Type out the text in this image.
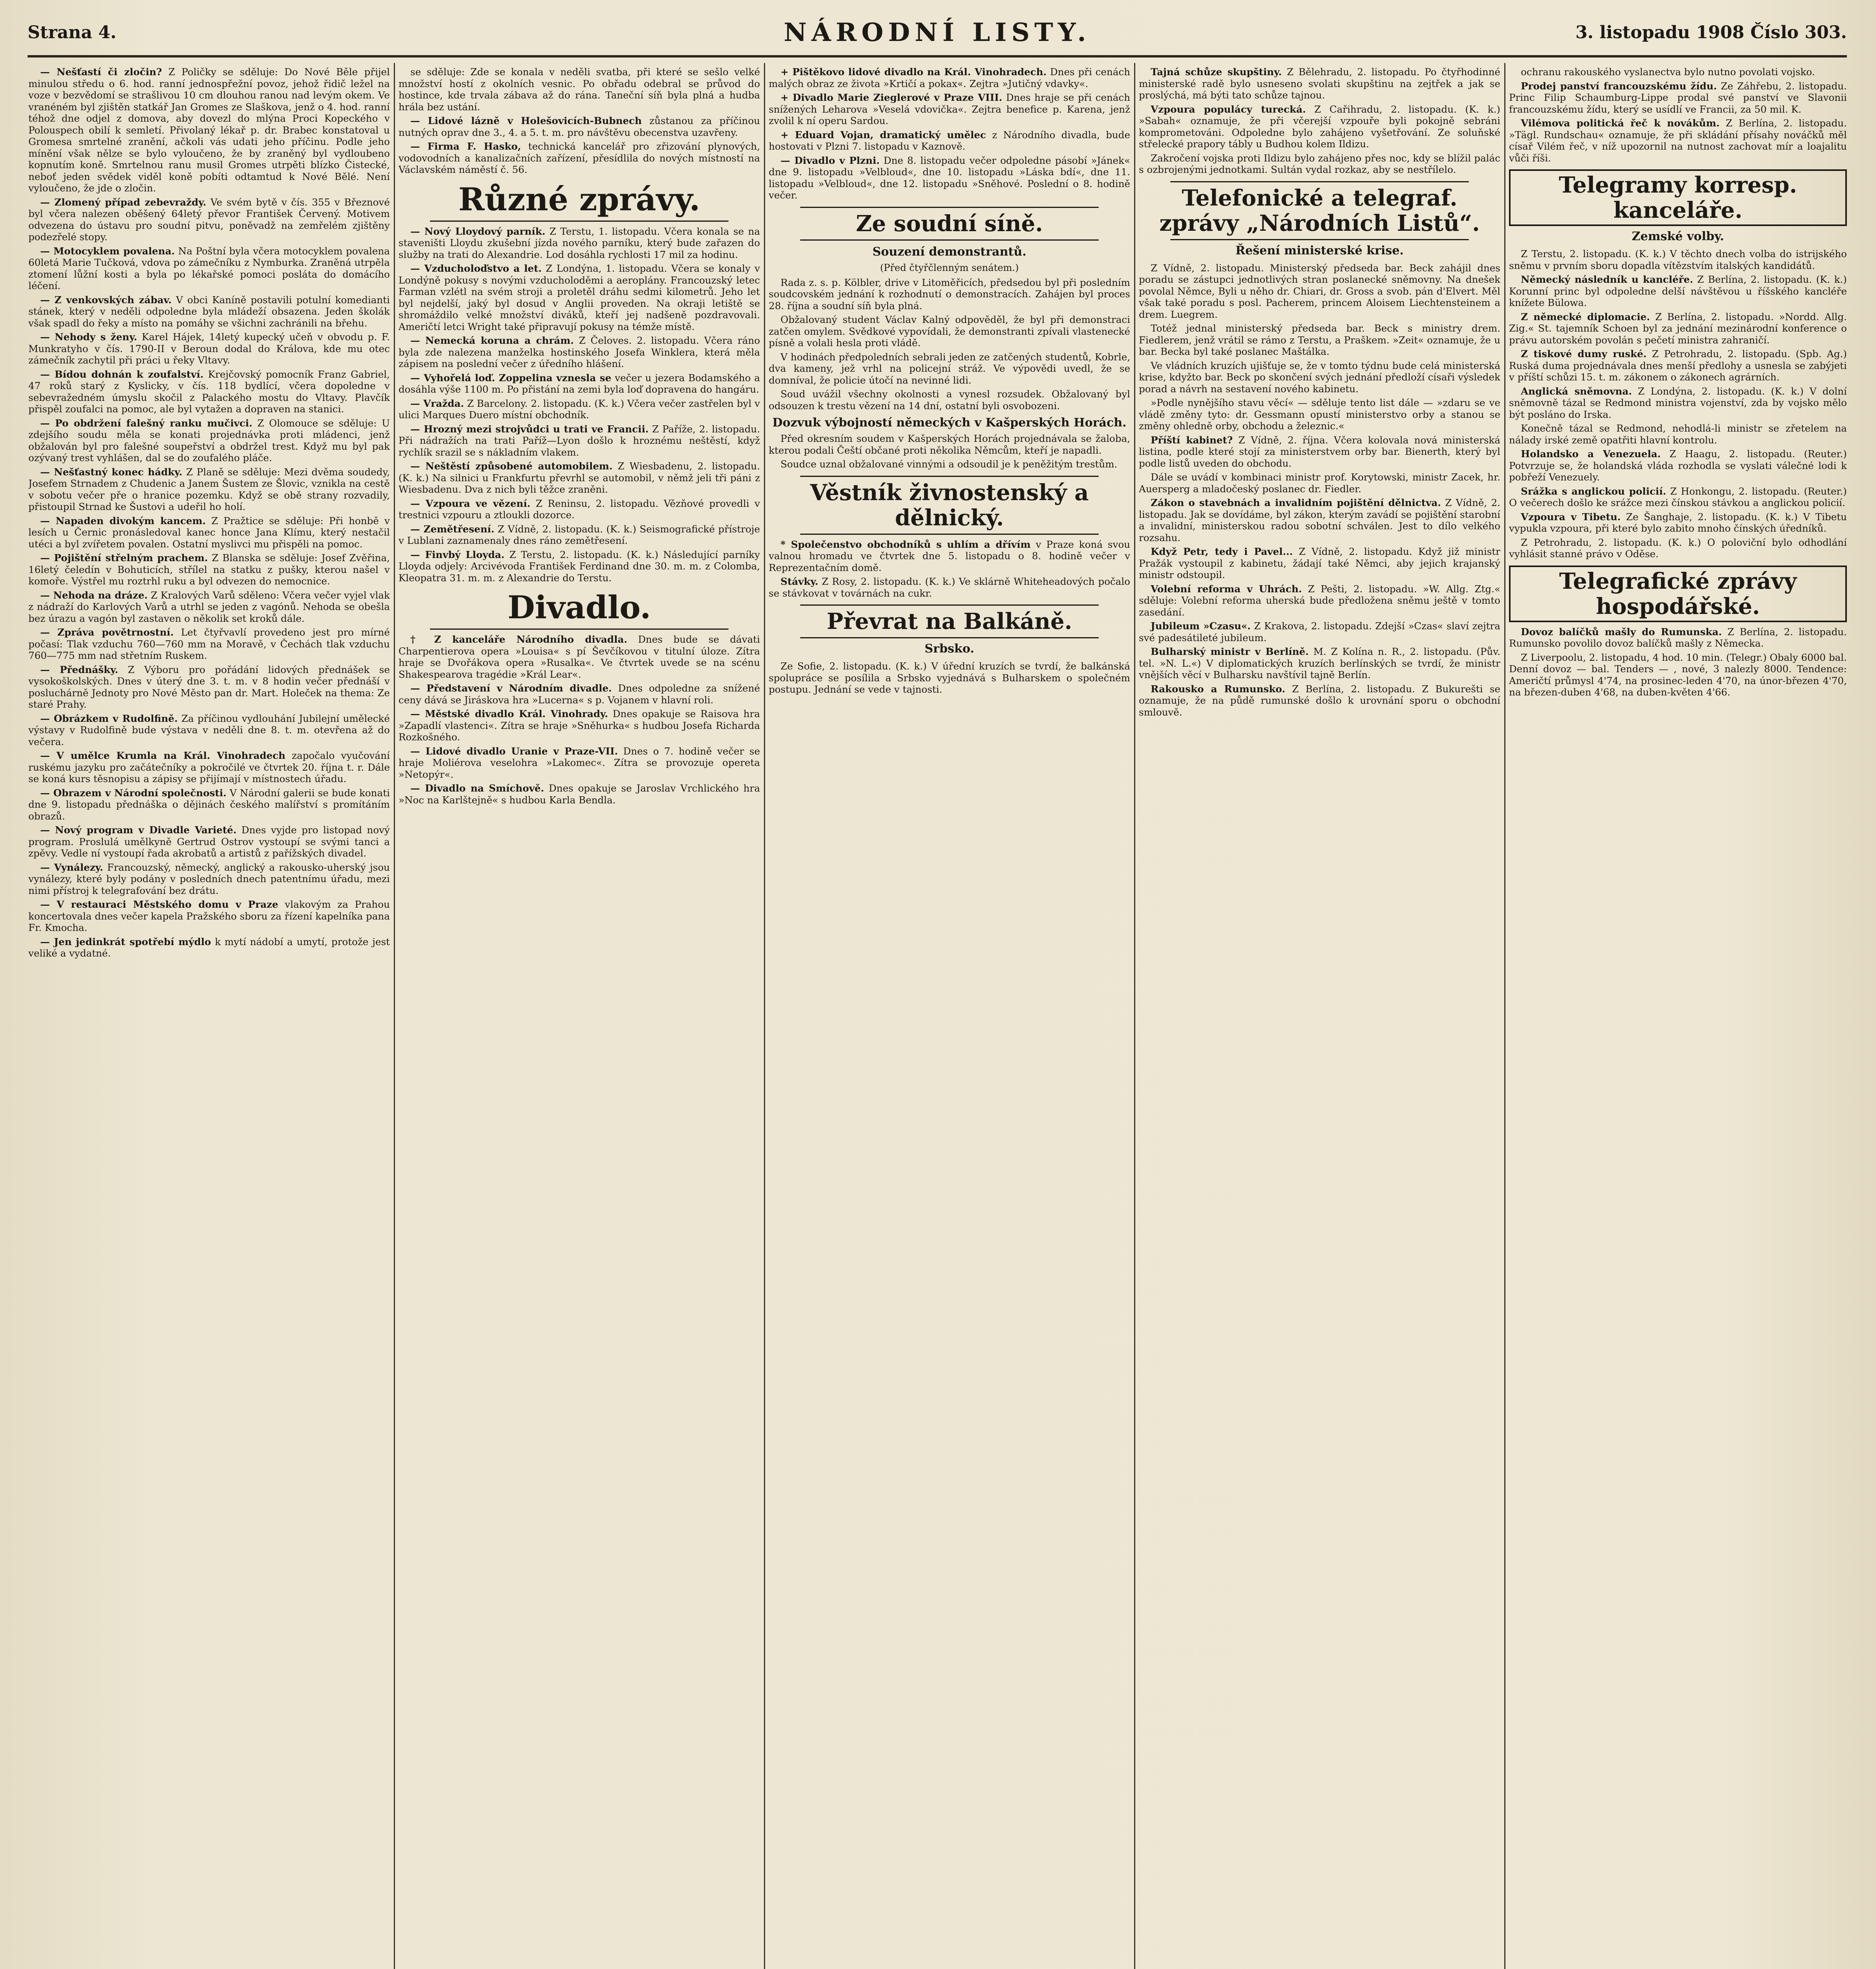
Strana 4.	NÁRODNÍ LISTY.	3. listopadu 1908 Číslo 303.

— Nešťastí či zločin? Z Poličky se sděluje: Do Nové Běle přijel minulou středu o 6. hod. ranní jednospřežní povoz, jehož řidič ležel na voze v bezvědomí se strašlivou 10 cm dlouhou ranou nad levým okem. Ve vranéném byl zjištěn statkář Jan Gromes ze Slaškova, jenž o 4. hod. ranní téhož dne odjel z domova, aby dovezl do mlýna Proci Kopeckého v Polouspech obilí k semletí. Přivolaný lékař p. dr. Brabec konstatoval u Gromesa smrtelné zranění, ačkoli vás udati jeho příčinu. Podle jeho mínění však nělze se bylo vyloučeno, že by zraněný byl vydloubeno kopnutím koně. Smrtelnou ranu musil Gromes utrpěti blízko Čistecké, neboť jeden svědek viděl koně pobíti odtamtud k Nové Bělé. Není vyloučeno, že jde o zločin.

— Zlomený případ zebevraždy. Ve svém bytě v čís. 355 v Březnové byl včera nalezen oběšený 64letý převor František Červený. Motivem odvezena do ústavu pro soudní pitvu, poněvadž na zemřelém zjištěny podezřelé stopy.

— Motocyklem povalena. Na Poštní byla včera motocyklem povalena 60letá Marie Tučková, vdova po zámečníku z Nymburka. Zraněná utrpěla ztomení lůžní kosti a byla po lékařské pomoci posláta do domácího léčení.

— Z venkovských zábav. V obci Kaníně postavili potulní komedianti stánek, který v neděli odpoledne byla mládeží obsazena. Jeden školák však spadl do řeky a místo na pomáhy se všichni zachránili na břehu.

— Nehody s ženy. Karel Hájek, 14letý kupecký učeň v obvodu p. F. Munkratyho v čís. 1790-II v Beroun dodal do Králova, kde mu otec zámečník zachytil při práci u řeky Vltavy.

— Bídou dohnán k zoufalství. Krejčovský pomocník Franz Gabriel, 47 roků starý z Kyslicky, v čís. 118 bydlící, včera dopoledne v sebevražedném úmyslu skočil z Palackého mostu do Vltavy. Plavčík přispěl zoufalci na pomoc, ale byl vytažen a dopraven na stanici.

— Po obdržení falešný ranku mučivci. Z Olomouce se sděluje: U zdejšího soudu měla se konati projednávka proti mládenci, jenž obžalován byl pro falešné soupeřství a obdržel trest. Když mu byl pak ozývaný trest vyhlášen, dal se do zoufalého pláče.

— Nešťastný konec hádky. Z Planě se sděluje: Mezi dvěma soudedy, Josefem Strnadem z Chudenic a Janem Šustem ze Šlovic, vznikla na cestě v sobotu večer pře o hranice pozemku. Když se obě strany rozvadily, přistoupil Strnad ke Šustovi a udeřil ho holí.

— Napaden divokým kancem. Z Pražtice se sděluje: Při honbě v lesích u Černic pronásledoval kanec honce Jana Klímu, který nestačil utéci a byl zvířetem povalen. Ostatní myslivci mu přispěli na pomoc.

— Pojištění střelným prachem. Z Blanska se sděluje: Josef Zvěřina, 16letý čeledín v Bohuticích, střílel na statku z pušky, kterou našel v komoře. Výstřel mu roztrhl ruku a byl odvezen do nemocnice.

— Nehoda na dráze. Z Kralových Varů sděleno: Včera večer vyjel vlak z nádraží do Karlových Varů a utrhl se jeden z vagónů. Nehoda se obešla bez úrazu a vagón byl zastaven o několik set kroků dále.

— Zpráva povětrnostní. Let čtyřvavlí provedeno jest pro mírné počasí: Tlak vzduchu 760—760 mm na Moravě, v Čechách tlak vzduchu 760—775 mm nad střetním Ruskem.

— Přednášky. Z Výboru pro pořádání lidových přednášek se vysokoškolských. Dnes v úterý dne 3. t. m. v 8 hodin večer přednáší v posluchárně Jednoty pro Nové Město pan dr. Mart. Holeček na thema: Ze staré Prahy.

— Obrázkem v Rudolfině. Za příčinou vydlouhání Jubilejní umělecké výstavy v Rudolfině bude výstava v neděli dne 8. t. m. otevřena až do večera.

— V umělce Krumla na Král. Vinohradech započalo vyučování ruskému jazyku pro začátečníky a pokročilé ve čtvrtek 20. října t. r. Dále se koná kurs těsnopisu a zápisy se přijímají v místnostech úřadu.

— Obrazem v Národní společnosti. V Národní galerii se bude konati dne 9. listopadu přednáška o dějinách českého malířství s promítáním obrazů.

— Nový program v Divadle Varieté. Dnes vyjde pro listopad nový program. Proslulá umělkyně Gertrud Ostrov vystoupí se svými tanci a zpěvy. Vedle ní vystoupí řada akrobatů a artistů z pařížských divadel.

— Vynálezy. Francouzský, německý, anglický a rakousko-uherský jsou vynálezy, které byly podány v posledních dnech patentnímu úřadu, mezi nimi přístroj k telegrafování bez drátu.

— V restauraci Městského domu v Praze vlakovým za Prahou koncertovala dnes večer kapela Pražského sboru za řízení kapelníka pana Fr. Kmocha.

— Jen jedinkrát spotřebí mýdlo k mytí nádobí a umytí, protože jest veliké a vydatné.

se sděluje: Zde se konala v neděli svatba, při které se sešlo velké množství hostí z okolních vesnic. Po obřadu odebral se průvod do hostince, kde trvala zábava až do rána. Taneční síň byla plná a hudba hrála bez ustání.

— Lidové lázně v Holešovicích-Bubnech zůstanou za příčinou nutných oprav dne 3., 4. a 5. t. m. pro návštěvu obecenstva uzavřeny.

— Firma F. Hasko, technická kancelář pro zřizování plynových, vodovodních a kanalizačních zařízení, přesídlila do nových místností na Václavském náměstí č. 56.

Různé zprávy.

— Nový Lloydový parník. Z Terstu, 1. listopadu. Včera konala se na staveništi Lloydu zkušební jízda nového parníku, který bude zařazen do služby na trati do Alexandrie. Lod dosáhla rychlosti 17 mil za hodinu.

— Vzducholoďstvo a let. Z Londýna, 1. listopadu. Včera se konaly v Londýně pokusy s novými vzducholoděmi a aeroplány. Francouzský letec Farman vzlétl na svém stroji a proletěl dráhu sedmi kilometrů. Jeho let byl nejdelší, jaký byl dosud v Anglii proveden. Na okraji letiště se shromáždilo velké množství diváků, kteří jej nadšeně pozdravovali. Američtí letci Wright také připravují pokusy na témže místě.

— Nemecká koruna a chrám. Z Čeloves. 2. listopadu. Včera ráno byla zde nalezena manželka hostinského Josefa Winklera, která měla zápisem na poslední večer z úředního hlášení.

— Vyhořelá loď. Zoppelina vznesla se večer u jezera Bodamského a dosáhla výše 1100 m. Po přistání na zemi byla loď dopravena do hangáru.

— Vražda. Z Barcelony. 2. listopadu. (K. k.) Včera večer zastřelen byl v ulici Marques Duero místní obchodník.

— Hrozný mezi strojvůdci u trati ve Francii. Z Paříže, 2. listopadu. Při nádražích na trati Paříž—Lyon došlo k hroznému neštěstí, když rychlík srazil se s nákladním vlakem.

— Neštěstí způsobené automobilem. Z Wiesbadenu, 2. listopadu. (K. k.) Na silnici u Frankfurtu převrhl se automobil, v němž jeli tři páni z Wiesbadenu. Dva z nich byli těžce zraněni.

— Vzpoura ve vězení. Z Reninsu, 2. listopadu. Vězňové provedli v trestnici vzpouru a ztloukli dozorce.

— Zemětřesení. Z Vídně, 2. listopadu. (K. k.) Seismografické přístroje v Lublani zaznamenaly dnes ráno zemětřesení.

— Finvbý Lloyda. Z Terstu, 2. listopadu. (K. k.) Následující parníky Lloyda odjely: Arcivévoda František Ferdinand dne 30. m. m. z Colomba, Kleopatra 31. m. m. z Alexandrie do Terstu.

Divadlo.

† Z kanceláře Národního divadla. Dnes bude se dávati Charpentierova opera »Louisa« s pí Ševčíkovou v titulní úloze. Zítra hraje se Dvořákova opera »Rusalka«. Ve čtvrtek uvede se na scénu Shakespearova tragédie »Král Lear«.

— Představení v Národním divadle. Dnes odpoledne za snížené ceny dává se Jiráskova hra »Lucerna« s p. Vojanem v hlavní roli.

— Městské divadlo Král. Vinohrady. Dnes opakuje se Raisova hra »Zapadlí vlastenci«. Zítra se hraje »Sněhurka« s hudbou Josefa Richarda Rozkošného.

— Lidové divadlo Uranie v Praze-VII. Dnes o 7. hodině večer se hraje Moliérova veselohra »Lakomec«. Zítra se provozuje opereta »Netopýr«.

— Divadlo na Smíchově. Dnes opakuje se Jaroslav Vrchlického hra »Noc na Karlštejně« s hudbou Karla Bendla.

+ Pištěkovo lidové divadlo na Král. Vinohradech. Dnes při cenách malých obraz ze života »Krtičí a pokax«. Zejtra »Jutičný vdavky«.

+ Divadlo Marie Zieglerové v Praze VIII. Dnes hraje se při cenách snížených Leharova »Veselá vdovička«. Zejtra benefice p. Karena, jenž zvolil k ní operu Sardou.

+ Eduard Vojan, dramatický umělec z Národního divadla, bude hostovati v Plzni 7. listopadu v Kaznově.

— Divadlo v Plzni. Dne 8. listopadu večer odpoledne pásobí »Jánek« dne 9. listopadu »Velbloud«, dne 10. listopadu »Láska bdí«, dne 11. listopadu »Velbloud«, dne 12. listopadu »Sněhové. Poslední o 8. hodině večer.

Ze soudní síně.
Souzení demonstrantů.
(Před čtyřčlenným senátem.)

Rada z. s. p. Kölbler, drive v Litoměřicích, předsedou byl při posledním soudcovském jednání k rozhodnutí o demonstracích. Zahájen byl proces 28. října a soudní síň byla plná.

Obžalovaný student Václav Kalný odpověděl, že byl při demonstraci zatčen omylem. Svědkové vypovídali, že demonstranti zpívali vlastenecké písně a volali hesla proti vládě.

V hodinách předpoledních sebrali jeden ze zatčených studentů, Kobrle, dva kameny, jež vrhl na policejní stráž. Ve výpovědi uvedl, že se domníval, že policie útočí na nevinné lidi.

Soud uvážil všechny okolnosti a vynesl rozsudek. Obžalovaný byl odsouzen k trestu vězení na 14 dní, ostatní byli osvobozeni.

Dozvuk výbojností německých v Kašperských Horách.

Před okresním soudem v Kašperských Horách projednávala se žaloba, kterou podali Čeští občané proti několika Němcům, kteří je napadli.

Soudce uznal obžalované vinnými a odsoudil je k peněžitým trestům.

Věstník živnostenský a dělnický.

* Společenstvo obchodníků s uhlím a dřívím v Praze koná svou valnou hromadu ve čtvrtek dne 5. listopadu o 8. hodině večer v Reprezentačním domě.

Stávky. Z Rosy, 2. listopadu. (K. k.) Ve sklárně Whiteheadových počalo se stávkovat v továrnách na cukr.

Převrat na Balkáně.
Srbsko.

Ze Sofie, 2. listopadu. (K. k.) V úřední kruzích se tvrdí, že balkánská spolupráce se posílila a Srbsko vyjednává s Bulharskem o společném postupu. Jednání se vede v tajnosti.

Tajná schůze skupštiny. Z Bělehradu, 2. listopadu. Po čtyřhodinné ministerské radě bylo usneseno svolati skupštinu na zejtřek a jak se proslýchá, má býti tato schůze tajnou.

Vzpoura populácy turecká. Z Cařihradu, 2. listopadu. (K. k.) »Sabah« oznamuje, že při včerejší vzpouře byli pokojně sebráni komprometováni. Odpoledne bylo zahájeno vyšetřování. Ze soluňské střelecké prapory tábly u Budhou kolem Ildizu.

Zakročení vojska proti Ildizu bylo zahájeno přes noc, kdy se blížil palác s ozbrojenými jednotkami. Sultán vydal rozkaz, aby se nestřílelo.

Telefonické a telegraf. zprávy „Národních Listů“.
Řešení ministerské krise.

Z Vídně, 2. listopadu. Ministerský předseda bar. Beck zahájil dnes poradu se zástupci jednotlivých stran poslanecké sněmovny. Na dnešek povolal Němce, Byli u něho dr. Chiari, dr. Gross a svob. pán d'Elvert. Měl však také poradu s posl. Pacherem, princem Aloisem Liechtensteinem a drem. Luegrem.

Totéž jednal ministerský předseda bar. Beck s ministry drem. Fiedlerem, jenž vrátil se rámo z Terstu, a Praškem. »Zeit« oznamuje, že u bar. Becka byl také poslanec Maštálka.

Ve vládních kruzích ujišťuje se, že v tomto týdnu bude celá ministerská krise, kdyžto bar. Beck po skončení svých jednání předloží císaři výsledek porad a návrh na sestavení nového kabinetu.

»Podle nynějšího stavu věcí« — sděluje tento list dále — »zdaru se ve vládě změny tyto: dr. Gessmann opustí ministerstvo orby a stanou se změny ohledně orby, obchodu a železnic.«

Příští kabinet? Z Vídně, 2. října. Včera kolovala nová ministerská listina, podle které stojí za ministerstvem orby bar. Bienerth, který byl podle listů uveden do obchodu.

Dále se uvádí v kombinaci ministr prof. Korytowski, ministr Zacek, hr. Auersperg a mladočeský poslanec dr. Fiedler.

Zákon o stavebnách a invalidním pojištění dělnictva. Z Vídně, 2. listopadu. Jak se dovídáme, byl zákon, kterým zavádí se pojištění starobní a invalidní, ministerskou radou sobotní schválen. Jest to dílo velkého rozsahu.

Když Petr, tedy i Pavel... Z Vídně, 2. listopadu. Když již ministr Pražák vystoupil z kabinetu, žádají také Němci, aby jejich krajanský ministr odstoupil.

Volební reforma v Uhrách. Z Pešti, 2. listopadu. »W. Allg. Ztg.« sděluje: Volební reforma uherská bude předložena sněmu ještě v tomto zasedání.

Jubileum »Czasu«. Z Krakova, 2. listopadu. Zdejší »Czas« slaví zejtra své padesátileté jubileum.

Bulharský ministr v Berlíně. M. Z Kolína n. R., 2. listopadu. (Pův. tel. »N. L.«) V diplomatických kruzích berlínských se tvrdí, že ministr vnějších věcí v Bulharsku navštívil tajně Berlín.

Rakousko a Rumunsko. Z Berlína, 2. listopadu. Z Bukurešti se oznamuje, že na půdě rumunské došlo k urovnání sporu o obchodní smlouvě.

ochranu rakouského vyslanectva bylo nutno povolati vojsko.

Prodej panství francouzskému žídu. Ze Záhřebu, 2. listopadu. Princ Filip Schaumburg-Lippe prodal své panství ve Slavonii francouzskému žídu, který se usídlí ve Francii, za 50 mil. K.

Vilémova politická řeč k novákům. Z Berlína, 2. listopadu. »Tägl. Rundschau« oznamuje, že při skládání přísahy nováčků měl císař Vilém řeč, v níž upozornil na nutnost zachovat mír a loajalitu vůči říši.

Telegramy korresp. kanceláře.
Zemské volby.

Z Terstu, 2. listopadu. (K. k.) V těchto dnech volba do istrijského sněmu v prvním sboru dopadla vítězstvím italských kandidátů.

Německý následník u kancléře. Z Berlína, 2. listopadu. (K. k.) Korunní princ byl odpoledne delší návštěvou u říšského kancléře knížete Bülowa.

Z německé diplomacie. Z Berlína, 2. listopadu. »Nordd. Allg. Zig.« St. tajemník Schoen byl za jednání mezinárodní konference o právu autorském povolán s pečetí ministra zahraničí.

Z tiskové dumy ruské. Z Petrohradu, 2. listopadu. (Spb. Ag.) Ruská duma projednávala dnes menší předlohy a usnesla se zabýjeti v příští schůzi 15. t. m. zákonem o zákonech agrárních.

Anglická sněmovna. Z Londýna, 2. listopadu. (K. k.) V dolní sněmovně tázal se Redmond ministra vojenství, zda by vojsko mělo být posláno do Irska.

Konečně tázal se Redmond, nehodlá-li ministr se zřetelem na nálady irské země opatřiti hlavní kontrolu.

Holandsko a Venezuela. Z Haagu, 2. listopadu. (Reuter.) Potvrzuje se, že holandská vláda rozhodla se vyslati válečné lodi k pobřeží Venezuely.

Srážka s anglickou policií. Z Honkongu, 2. listopadu. (Reuter.) O večerech došlo ke srážce mezi čínskou stávkou a anglickou policií.

Vzpoura v Tibetu. Ze Šanghaje, 2. listopadu. (K. k.) V Tibetu vypukla vzpoura, při které bylo zabito mnoho čínských úředníků.

Z Petrohradu, 2. listopadu. (K. k.) O poloviční bylo odhodlání vyhlásit stanné právo v Oděse.

Telegrafické zprávy hospodářské.

Dovoz balíčků mašly do Rumunska. Z Berlína, 2. listopadu. Rumunsko povolilo dovoz balíčků mašly z Německa.

Z Liverpoolu, 2. listopadu, 4 hod. 10 min. (Telegr.) Obaly 6000 bal. Denní dovoz — bal. Tenders — , nové, 3 nalezly 8000. Tendence: Američtí průmysl 4'74, na prosinec-leden 4'70, na únor-březen 4'70, na březen-duben 4'68, na duben-květen 4'66.
